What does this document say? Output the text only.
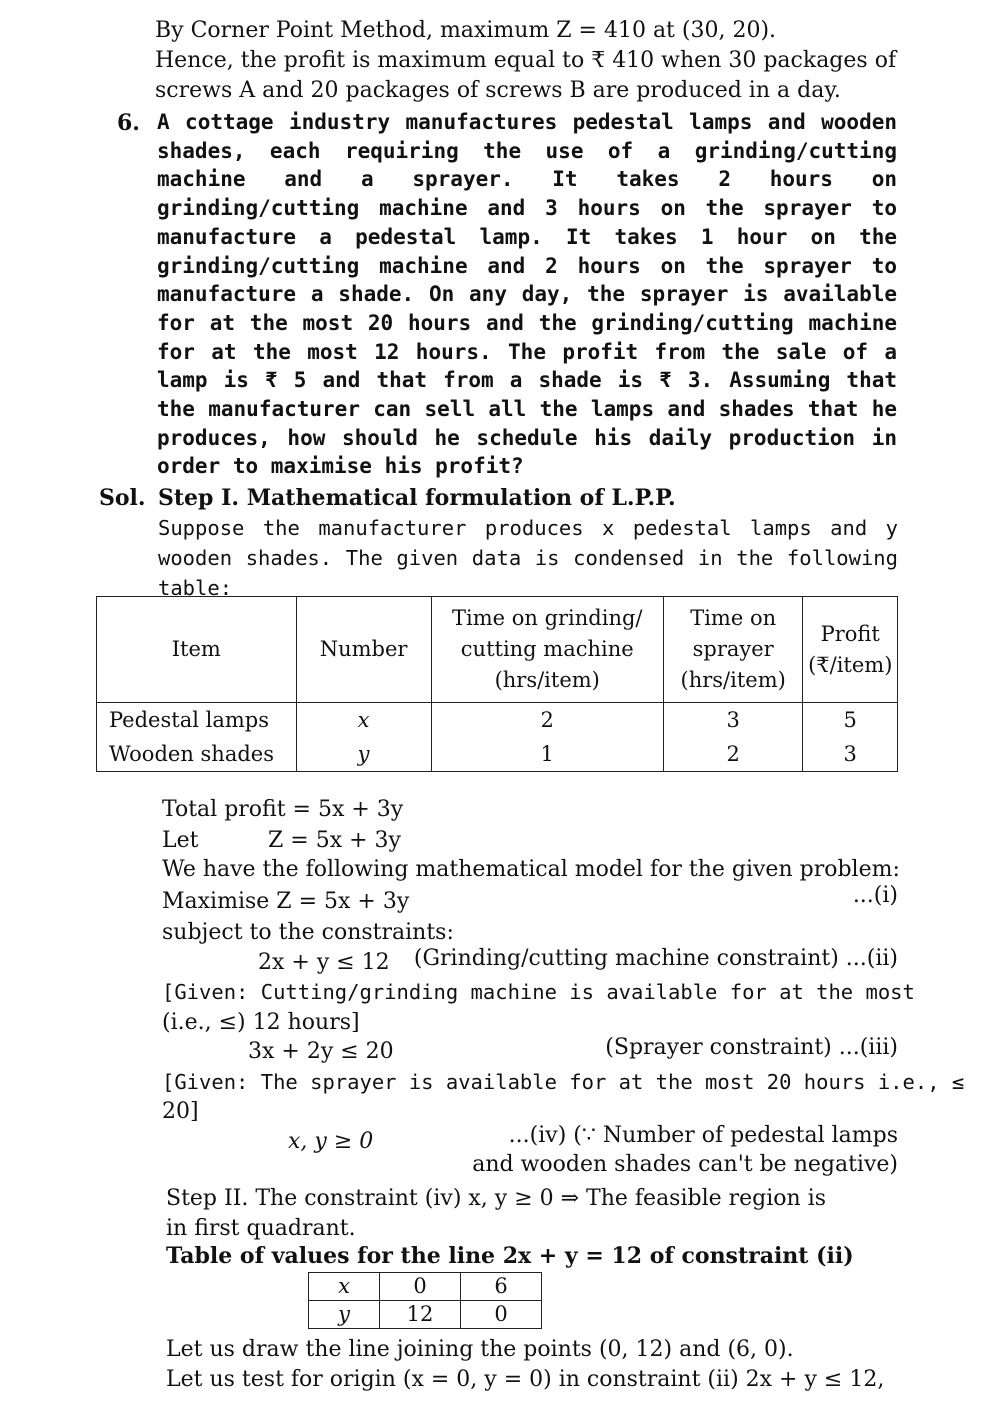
By Corner Point Method, maximum Z = 410 at (30, 20).
Hence, the profit is maximum equal to ₹ 410 when 30 packages of
screws A and 20 packages of screws B are produced in a day.
6. A cottage industry manufactures pedestal lamps and wooden shades, each requiring the use of a grinding/cutting machine and a sprayer. It takes 2 hours on grinding/cutting machine and 3 hours on the sprayer to manufacture a pedestal lamp. It takes 1 hour on the grinding/cutting machine and 2 hours on the sprayer to manufacture a shade. On any day, the sprayer is available for at the most 20 hours and the grinding/cutting machine for at the most 12 hours. The profit from the sale of a lamp is ₹ 5 and that from a shade is ₹ 3. Assuming that the manufacturer can sell all the lamps and shades that he produces, how should he schedule his daily production in order to maximise his profit?
Sol. Step I. Mathematical formulation of L.P.P.
Suppose the manufacturer produces x pedestal lamps and y wooden shades. The given data is condensed in the following table:
Item	Number	Time on grinding/ cutting machine (hrs/item)	Time on sprayer (hrs/item)	Profit (₹/item)
Pedestal lamps	x	2	3	5
Wooden shades	y	1	2	3
Total profit = 5x + 3y
Let	Z = 5x + 3y
We have the following mathematical model for the given problem:
Maximise Z = 5x + 3y	...(i)
subject to the constraints:
2x + y ≤ 12 (Grinding/cutting machine constraint) ...(ii)
[Given: Cutting/grinding machine is available for at the most
(i.e., ≤) 12 hours]
3x + 2y ≤ 20	(Sprayer constraint) ...(iii)
[Given: The sprayer is available for at the most 20 hours i.e., ≤
20]
x, y ≥ 0	...(iv) (∵ Number of pedestal lamps
and wooden shades can't be negative)
Step II. The constraint (iv) x, y ≥ 0 ⇒ The feasible region is
in first quadrant.
Table of values for the line 2x + y = 12 of constraint (ii)
x	0	6
y	12	0
Let us draw the line joining the points (0, 12) and (6, 0).
Let us test for origin (x = 0, y = 0) in constraint (ii) 2x + y ≤ 12,
